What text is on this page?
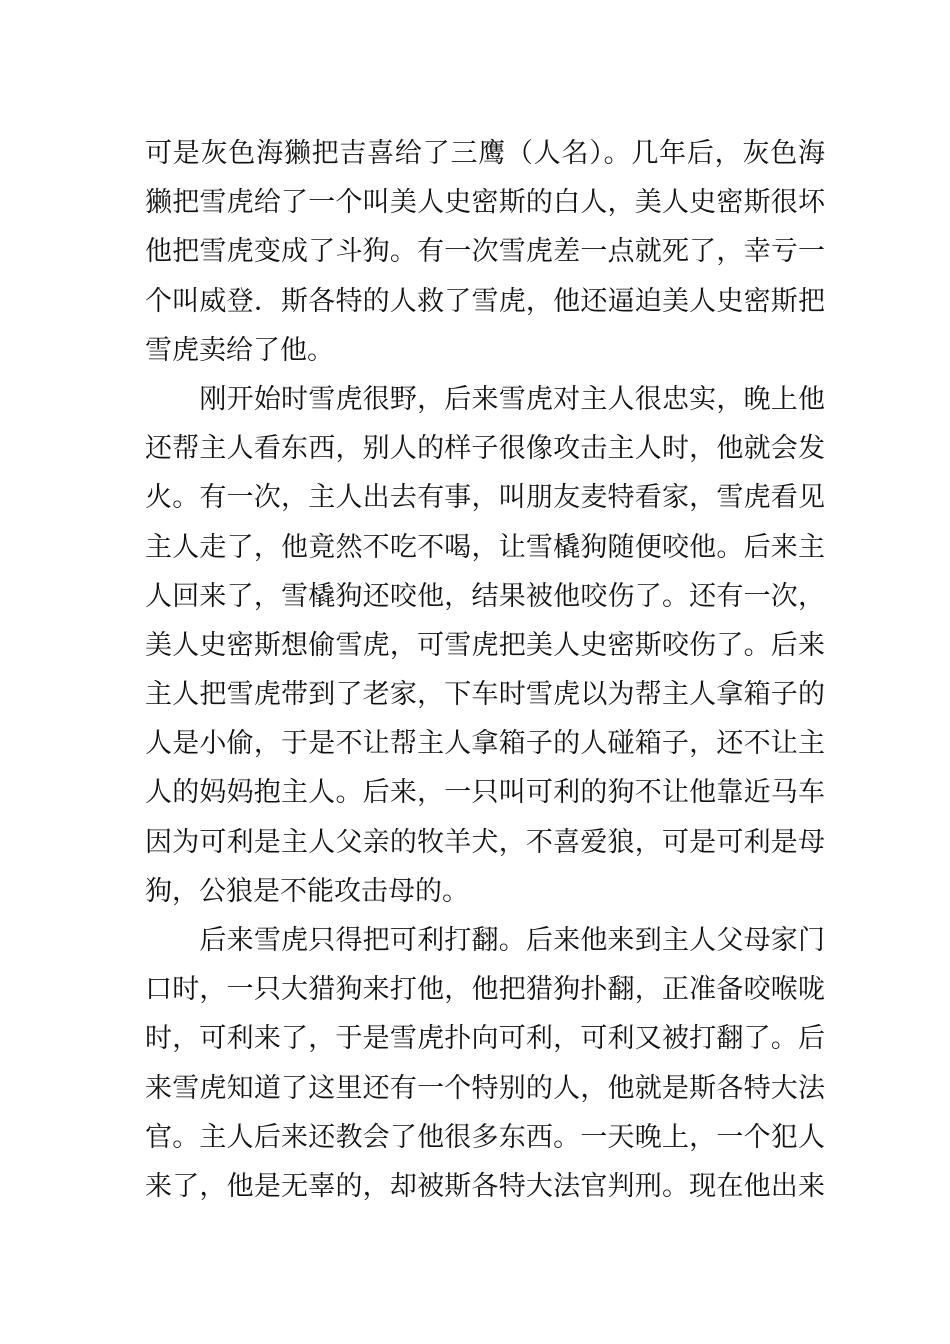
可是灰色海獭把吉喜给了三鹰（人名）。几年后，灰色海
獭把雪虎给了一个叫美人史密斯的白人，美人史密斯很坏
他把雪虎变成了斗狗。有一次雪虎差一点就死了，幸亏一
个叫威登．斯各特的人救了雪虎，他还逼迫美人史密斯把
雪虎卖给了他。
　　刚开始时雪虎很野，后来雪虎对主人很忠实，晚上他
还帮主人看东西，别人的样子很像攻击主人时，他就会发
火。有一次，主人出去有事，叫朋友麦特看家，雪虎看见
主人走了，他竟然不吃不喝，让雪橇狗随便咬他。后来主
人回来了，雪橇狗还咬他，结果被他咬伤了。还有一次，
美人史密斯想偷雪虎，可雪虎把美人史密斯咬伤了。后来
主人把雪虎带到了老家，下车时雪虎以为帮主人拿箱子的
人是小偷，于是不让帮主人拿箱子的人碰箱子，还不让主
人的妈妈抱主人。后来，一只叫可利的狗不让他靠近马车
因为可利是主人父亲的牧羊犬，不喜爱狼，可是可利是母
狗，公狼是不能攻击母的。
　　后来雪虎只得把可利打翻。后来他来到主人父母家门
口时，一只大猎狗来打他，他把猎狗扑翻，正准备咬喉咙
时，可利来了，于是雪虎扑向可利，可利又被打翻了。后
来雪虎知道了这里还有一个特别的人，他就是斯各特大法
官。主人后来还教会了他很多东西。一天晚上，一个犯人
来了，他是无辜的，却被斯各特大法官判刑。现在他出来
